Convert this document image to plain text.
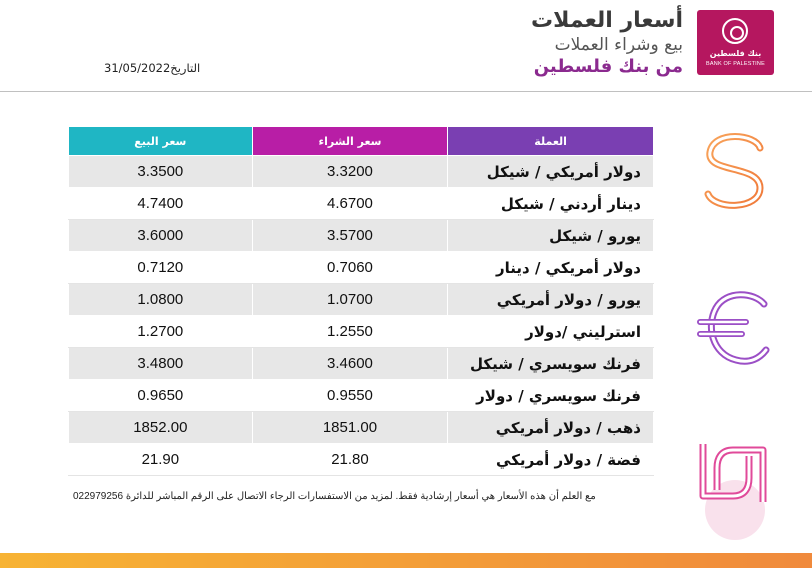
بنك فلسطين
BANK OF PALESTINE
أسعار العملات
بيع وشراء العملات
من بنك فلسطين
31/05/2022التاريخ
سعر البيع	سعر الشراء	العملة
3.3500	3.3200	دولار أمريكي / شيكل
4.7400	4.6700	دينار أردني / شيكل
3.6000	3.5700	يورو / شيكل
0.7120	0.7060	دولار أمريكي / دينار
1.0800	1.0700	يورو / دولار أمريكي
1.2700	1.2550	استرليني /دولار
3.4800	3.4600	فرنك سويسري / شيكل
0.9650	0.9550	فرنك سويسري / دولار
1852.00	1851.00	ذهب / دولار أمريكي
21.90	21.80	فضة / دولار أمريكي
022979256 مع العلم أن هذه الأسعار هي أسعار إرشادية فقط. لمزيد من الاستفسارات الرجاء الاتصال على الرقم المباشر للدائرة
